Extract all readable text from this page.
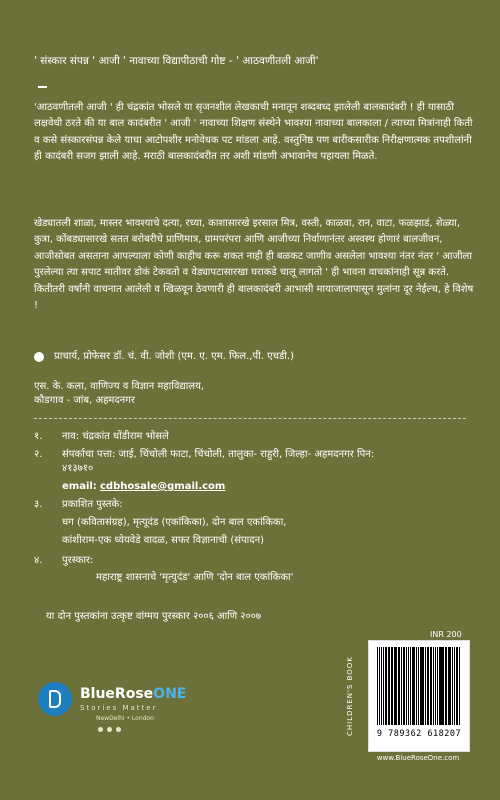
' संस्कार संपन्न ' आजी ' नावाच्या विद्यापीठाची गोष्ट - ' आठवणीतली आजी'

'आठवणीतली आजी ' ही चंद्रकांत भोसले या सृजनशील लेखकाची मनातून शब्दबध्द झालेली बालकादंबरी ! ही यासाठी लक्षवेधी ठरते की या बाल कादंबरीत ' आजी ' नावाच्या शिक्षण संस्थेने भावश्या नावाच्या बालकाला / त्याच्या मित्रांनाही किती व कसे संस्कारसंपन्न केले याचा आटोपशीर मनोवेधक पट मांडला आहे. वस्तुनिष्ठ पण बारीकसारीक निरीक्षणात्मक तपशीलांनी ही कादंबरी सजग झाली आहे. मराठी बालकादंबरीत तर अशी मांडणी अभावानेच पहायला मिळते.

खेड्यातली शाळा, मास्तर भावश्याचे दत्या, रध्या, काशासारखे इरसाल मित्र, वस्ती, काळवा, रान, वाटा, फळझाडं, शेळ्या, कुत्रा, कोंबड्यासारखे सतत बरोबरीचे प्राणिमात्र, ग्रामपरंपरा आणि आजीच्या निर्वाणानंतर अस्वस्थ होणारं बालजीवन, आजीसोबत असताना आपल्याला कोणी काहीच करू शकत नाही ही बळकट जाणीव असलेला भावश्या नंतर नंतर ' आजीला पुरलेल्या त्या सपाट मातीवर डोकं टेकवतो व वेड्यापटासारखा घराकडे चालू लागतो ' ही भावना वाचकांनाही सून्न करते. कितीतरी वर्षांनी वाचनात आलेली व खिळवून ठेवणारी ही बालकादंबरी आभासी मायाजालापासून मुलांना दूर नेईल्च, हे विशेष !

प्राचार्य, प्रोफेसर डॉ. चं. वी. जोशी (एम. ए. एम. फिल.,पी. एचडी.)
एस. के. कला, वाणिज्य व विज्ञान महाविद्यालय,
कौडगाव - जांब, अहमदनगर
१.	नाव: चंद्रकांत धोंडीराम भोसले
२.	संपर्काचा पत्ता: जाई, चिंचोली फाटा, चिंचोली, तालुका- राहुरी, जिल्हा- अहमदनगर पिन:
४१३७१०
email:
cdbhosale@gmail.com
३.	प्रकाशित पुस्तके:
धग (कवितासंग्रह), मृत्यूदंड (एकांकिका), दोन बाल एकांकिका,
कांशीराम-एक ध्येयवेडे वादळ, सफर विज्ञानाची (संपादन)
४.	पुरस्कार:
महाराष्ट्र शासनाचे 'मृत्युदंड' आणि 'दोन बाल एकांकिका'
या दोन पुस्तकांना उत्कृष्ट वांग्मय पुरस्कार २००६ आणि २००७
BlueRoseONE
Stories Matter
NewDelhi • London
INR 200
CHILDREN'S BOOK	9 789362 618207
www.BlueRoseOne.com
